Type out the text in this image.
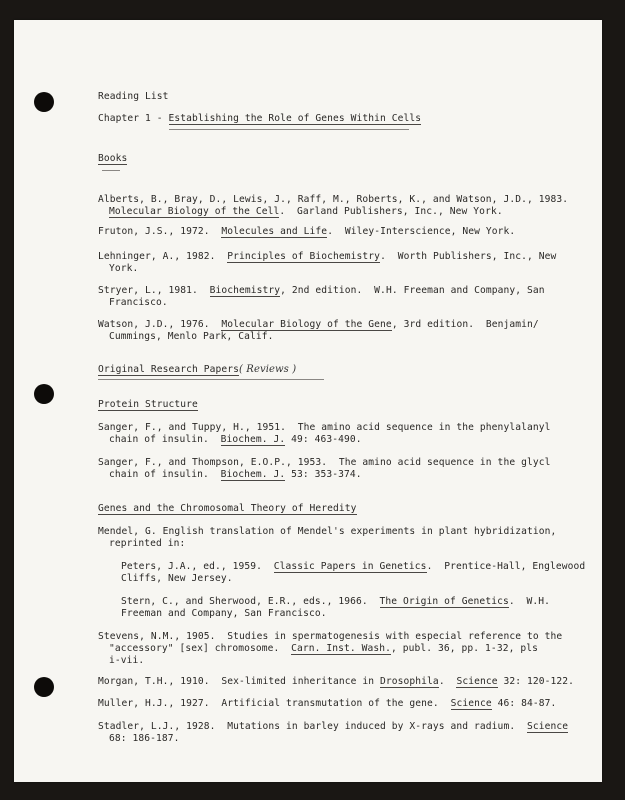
Reading List

Chapter 1 - Establishing the Role of Genes Within Cells

Books

Alberts, B., Bray, D., Lewis, J., Raff, M., Roberts, K., and Watson, J.D., 1983.

Molecular Biology of the Cell.  Garland Publishers, Inc., New York.

Fruton, J.S., 1972.  Molecules and Life.  Wiley-Interscience, New York.

Lehninger, A., 1982.  Principles of Biochemistry.  Worth Publishers, Inc., New

York.

Stryer, L., 1981.  Biochemistry, 2nd edition.  W.H. Freeman and Company, San

Francisco.

Watson, J.D., 1976.  Molecular Biology of the Gene, 3rd edition.  Benjamin/

Cummings, Menlo Park, Calif.

Original Research Papers( Reviews )

Protein Structure

Sanger, F., and Tuppy, H., 1951.  The amino acid sequence in the phenylalanyl

chain of insulin.  Biochem. J. 49: 463-490.

Sanger, F., and Thompson, E.O.P., 1953.  The amino acid sequence in the glycl

chain of insulin.  Biochem. J. 53: 353-374.

Genes and the Chromosomal Theory of Heredity

Mendel, G. English translation of Mendel's experiments in plant hybridization,

reprinted in:

Peters, J.A., ed., 1959.  Classic Papers in Genetics.  Prentice-Hall, Englewood

Cliffs, New Jersey.

Stern, C., and Sherwood, E.R., eds., 1966.  The Origin of Genetics.  W.H.

Freeman and Company, San Francisco.

Stevens, N.M., 1905.  Studies in spermatogenesis with especial reference to the

"accessory" [sex] chromosome.  Carn. Inst. Wash., publ. 36, pp. 1-32, pls

i-vii.

Morgan, T.H., 1910.  Sex-limited inheritance in Drosophila.  Science 32: 120-122.

Muller, H.J., 1927.  Artificial transmutation of the gene.  Science 46: 84-87.

Stadler, L.J., 1928.  Mutations in barley induced by X-rays and radium.  Science

68: 186-187.
